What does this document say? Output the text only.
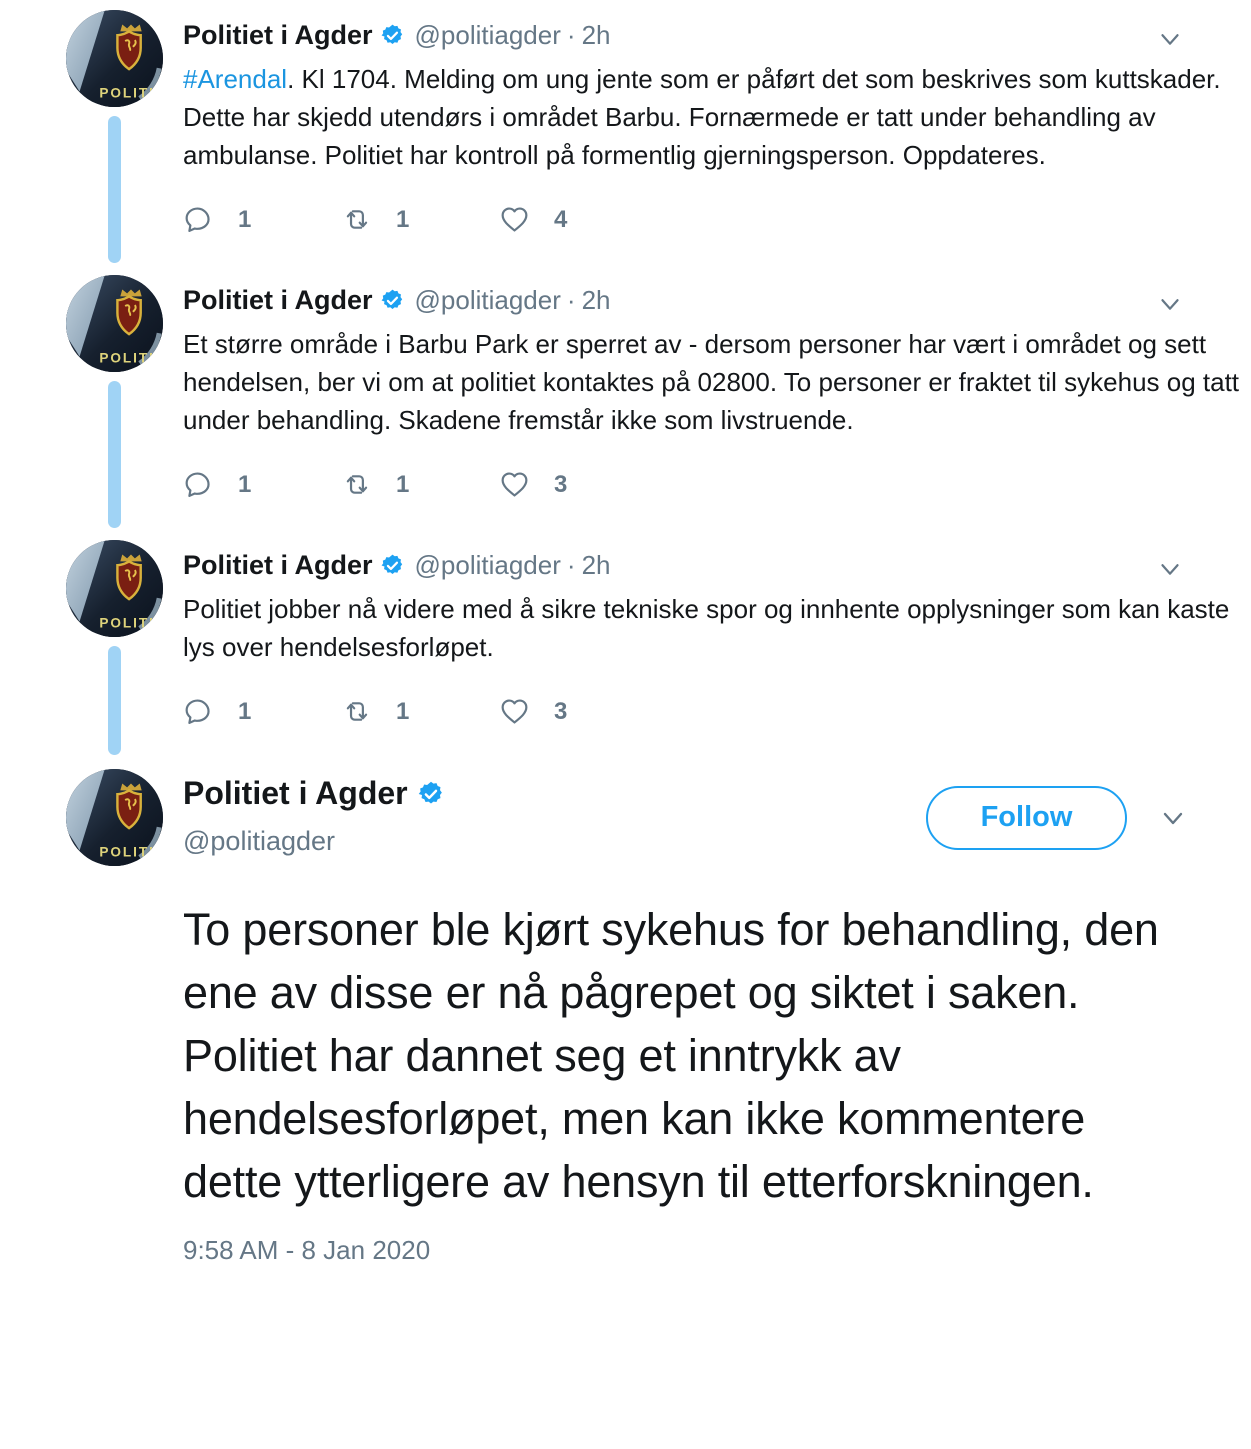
POLITI
Politiet i Agder @politiagder · 2h

#Arendal. Kl 1704. Melding om ung jente som er påført det som beskrives som kuttskader. Dette har skjedd utendørs i området Barbu. Fornærmede er tatt under behandling av ambulanse. Politiet har kontroll på formentlig gjerningsperson. Oppdateres.

1	1	4
POLITI
Politiet i Agder @politiagder · 2h

Et større område i Barbu Park er sperret av - dersom personer har vært i området og sett hendelsen, ber vi om at politiet kontaktes på 02800. To personer er fraktet til sykehus og tatt under behandling. Skadene fremstår ikke som livstruende.

1	1	3
POLITI
Politiet i Agder @politiagder · 2h

Politiet jobber nå videre med å sikre tekniske spor og innhente opplysninger som kan kaste lys over hendelsesforløpet.

1	1	3
POLITI
Politiet i Agder
@politiagder
Follow

To personer ble kjørt sykehus for behandling, den ene av disse er nå pågrepet og siktet i saken. Politiet har dannet seg et inntrykk av hendelsesforløpet, men kan ikke kommentere dette ytterligere av hensyn til etterforskningen.

9:58 AM - 8 Jan 2020
